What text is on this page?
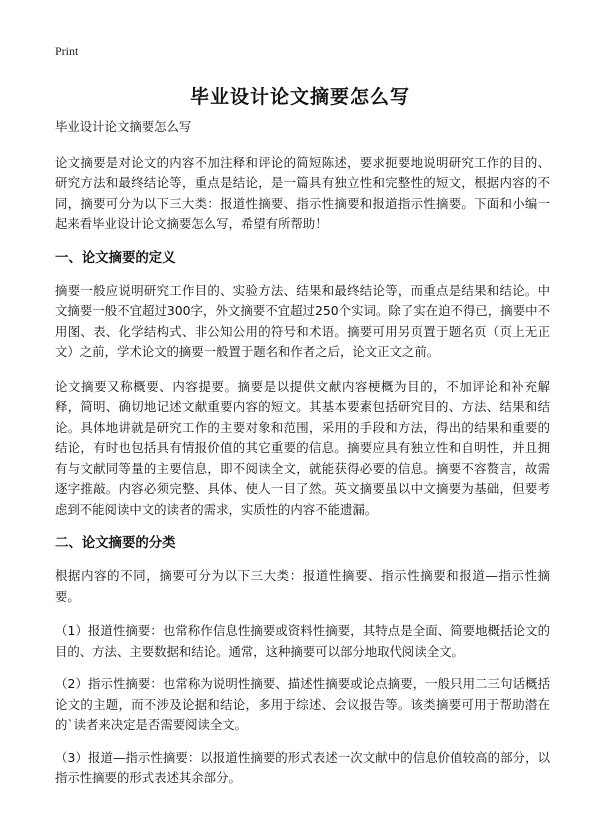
Print
毕业设计论文摘要怎么写

毕业设计论文摘要怎么写

论文摘要是对论文的内容不加注释和评论的简短陈述，要求扼要地说明研究工作的目的、研究方法和最终结论等，重点是结论，是一篇具有独立性和完整性的短文，根据内容的不同，摘要可分为以下三大类：报道性摘要、指示性摘要和报道指示性摘要。下面和小编一起来看毕业设计论文摘要怎么写，希望有所帮助！

一、论文摘要的定义

摘要一般应说明研究工作目的、实验方法、结果和最终结论等，而重点是结果和结论。中文摘要一般不宜超过300字，外文摘要不宜超过250个实词。除了实在迫不得已，摘要中不用图、表、化学结构式、非公知公用的符号和术语。摘要可用另页置于题名页（页上无正文）之前，学术论文的摘要一般置于题名和作者之后，论文正文之前。

论文摘要又称概要、内容提要。摘要是以提供文献内容梗概为目的，不加评论和补充解释，简明、确切地记述文献重要内容的短文。其基本要素包括研究目的、方法、结果和结论。具体地讲就是研究工作的主要对象和范围，采用的手段和方法，得出的结果和重要的结论，有时也包括具有情报价值的其它重要的信息。摘要应具有独立性和自明性，并且拥有与文献同等量的主要信息，即不阅读全文，就能获得必要的信息。摘要不容赘言，故需逐字推敲。内容必须完整、具体、使人一目了然。英文摘要虽以中文摘要为基础，但要考虑到不能阅读中文的读者的需求，实质性的内容不能遗漏。

二、论文摘要的分类

根据内容的不同，摘要可分为以下三大类：报道性摘要、指示性摘要和报道—指示性摘要。

（1）报道性摘要：也常称作信息性摘要或资料性摘要，其特点是全面、简要地概括论文的目的、方法、主要数据和结论。通常，这种摘要可以部分地取代阅读全文。

（2）指示性摘要：也常称为说明性摘要、描述性摘要或论点摘要，一般只用二三句话概括论文的主题，而不涉及论据和结论，多用于综述、会议报告等。该类摘要可用于帮助潜在的`读者来决定是否需要阅读全文。

（3）报道—指示性摘要：以报道性摘要的形式表述一次文献中的信息价值较高的部分，以指示性摘要的形式表述其余部分。
